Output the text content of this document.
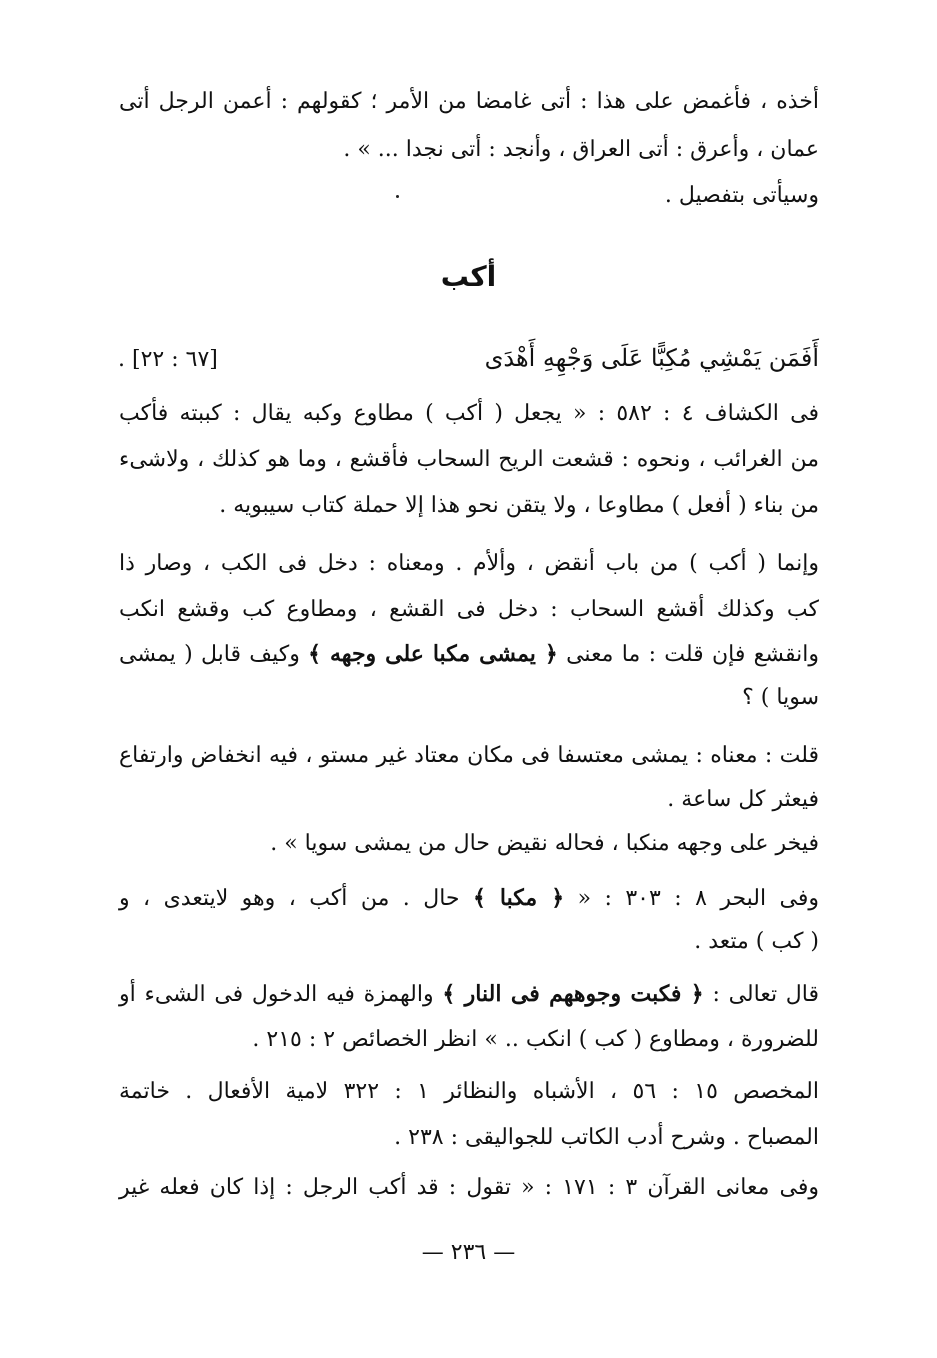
أخذه ، فأغمض على هذا : أتى غامضا من الأمر ؛ كقولهم : أعمن الرجل أتى
عمان ، وأعرق : أتى العراق ، وأنجد : أتى نجدا ... » .
وسيأتى بتفصيل .
أكب
أَفَمَن يَمْشِي مُكِبًّا عَلَى وَجْهِهِ أَهْدَى
[٦٧ : ٢٢] .
فى الكشاف ٤ : ٥٨٢ : « يجعل ( أكب ) مطاوع وكبه يقال : كببته فأكب
من الغرائب ، ونحوه : قشعت الريح السحاب فأقشع ، وما هو كذلك ، ولاشىء
من بناء ( أفعل ) مطاوعا ، ولا يتقن نحو هذا إلا حملة كتاب سيبويه .
وإنما ( أكب ) من باب أنقض ، وألأم . ومعناه : دخل فى الكب ، وصار ذا
كب وكذلك أقشع السحاب : دخل فى القشع ، ومطاوع كب وقشع انكب
وانقشع فإن قلت : ما معنى ﴿ يمشى مكبا على وجهه ﴾ وكيف قابل ( يمشى
سويا ) ؟
قلت : معناه : يمشى معتسفا فى مكان معتاد غير مستو ، فيه انخفاض وارتفاع
فيعثر كل ساعة .
فيخر على وجهه منكبا ، فحاله نقيض حال من يمشى سويا » .
وفى البحر ٨ : ٣٠٣ : « ﴿ مكبا ﴾ حال . من أكب ، وهو لايتعدى ، و
( كب ) متعد .
قال تعالى : ﴿ فكبت وجوههم فى النار ﴾ والهمزة فيه الدخول فى الشىء أو
للضرورة ، ومطاوع ( كب ) انكب .. » انظر الخصائص ٢ : ٢١٥ .
المخصص ١٥ : ٥٦ ، الأشباه والنظائر ١ : ٣٢٢ لامية الأفعال . خاتمة
المصباح . وشرح أدب الكاتب للجواليقى : ٢٣٨ .
وفى معانى القرآن ٣ : ١٧١ : « تقول : قد أكب الرجل : إذا كان فعله غير
— ٢٣٦ —
